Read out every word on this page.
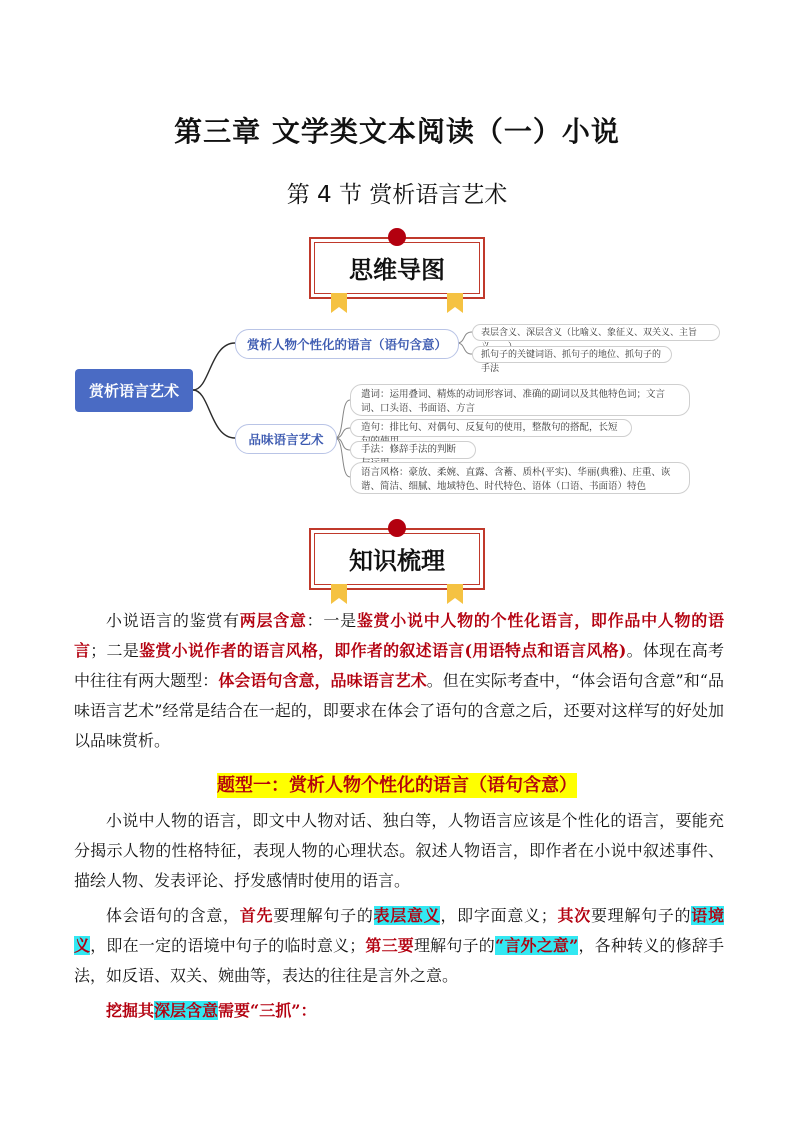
第三章 文学类文本阅读（一）小说
第 4 节 赏析语言艺术
思维导图
赏析语言艺术
赏析人物个性化的语言（语句含意）
品味语言艺术
表层含义、深层含义（比喻义、象征义、双关义、主旨
抓句子的关键词语、抓句子的地位、抓句子的手法
遣词：运用叠词、精炼的动词形容词、准确的副词以及其他特色词；文言词、口头语、书面语、方言
造句：排比句、对偶句、反复句的使用，整散句的搭配，长短
手法：修辞手法的判断
语言风格：豪放、柔婉、直露、含蓄、质朴(平实)、华丽(典雅)、庄重、诙谐、简洁、细腻、地域特色、时代特色、语体（口语、书面语）特色
知识梳理
小说语言的鉴赏有两层含意：一是鉴赏小说中人物的个性化语言，即作品中人物的语言；二是鉴赏小说作者的语言风格，即作者的叙述语言(用语特点和语言风格)。体现在高考中往往有两大题型：体会语句含意，品味语言艺术。但在实际考查中，“体会语句含意”和“品味语言艺术”经常是结合在一起的，即要求在体会了语句的含意之后，还要对这样写的好处加以品味赏析。
题型一：赏析人物个性化的语言（语句含意）
小说中人物的语言，即文中人物对话、独白等，人物语言应该是个性化的语言，要能充分揭示人物的性格特征，表现人物的心理状态。叙述人物语言，即作者在小说中叙述事件、描绘人物、发表评论、抒发感情时使用的语言。
体会语句的含意，首先要理解句子的表层意义，即字面意义；其次要理解句子的语境义，即在一定的语境中句子的临时意义；第三要理解句子的“言外之意”，各种转义的修辞手法，如反语、双关、婉曲等，表达的往往是言外之意。
挖掘其深层含意需要“三抓”：
